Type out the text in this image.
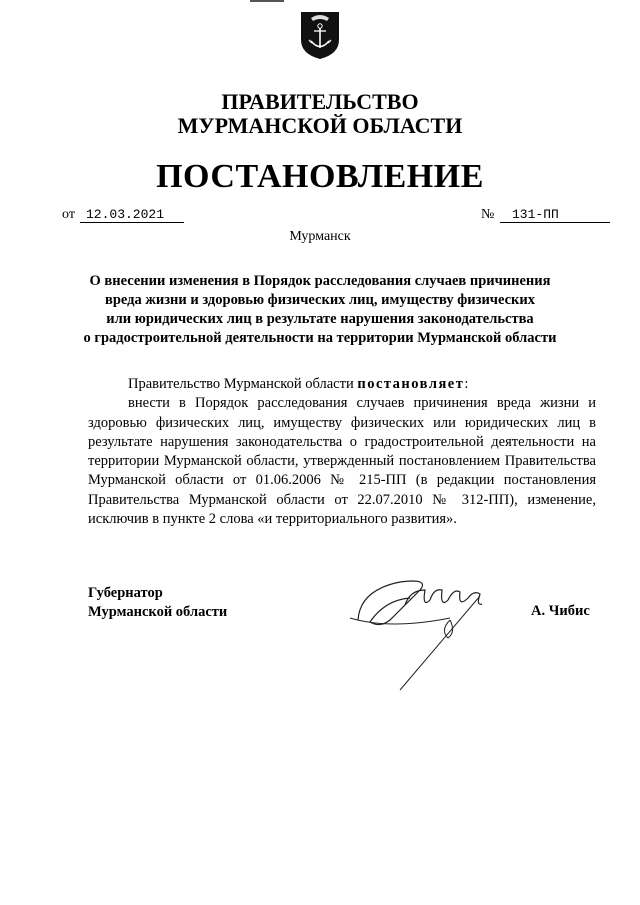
ПРАВИТЕЛЬСТВО
МУРМАНСКОЙ ОБЛАСТИ
ПОСТАНОВЛЕНИЕ
от 12.03.2021	№	131-ПП
Мурманск
О внесении изменения в Порядок расследования случаев причинения
вреда жизни и здоровью физических лиц, имуществу физических
или юридических лиц в результате нарушения законодательства
о градостроительной деятельности на территории Мурманской области

Правительство Мурманской области постановляет:

внести в Порядок расследования случаев причинения вреда жизни и здоровью физических лиц, имуществу физических или юридических лиц в результате нарушения законодательства о градостроительной деятельности на территории Мурманской области, утвержденный постановлением Правительства Мурманской области от 01.06.2006 № 215-ПП (в редакции постановления Правительства Мурманской области от 22.07.2010 № 312-ПП), изменение, исключив в пункте 2 слова «и территориального развития».

Губернатор
Мурманской области	А. Чибис
